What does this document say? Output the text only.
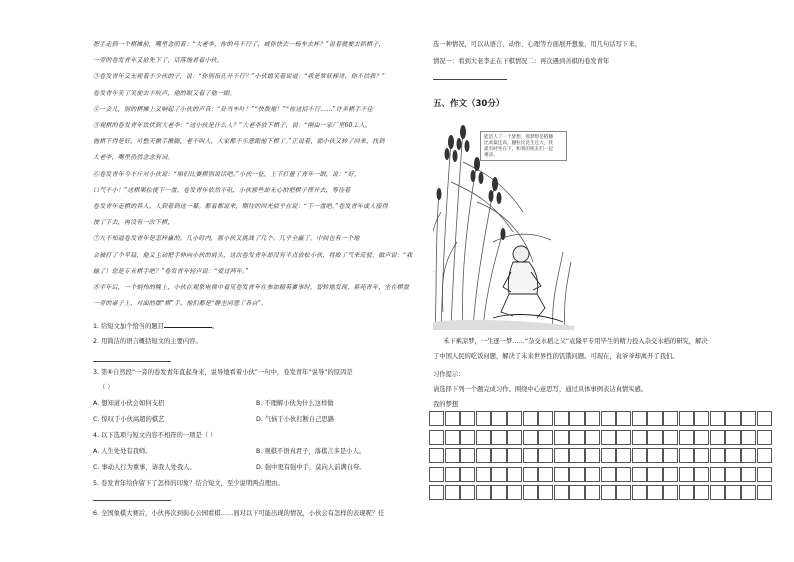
把手走到一个棋摊前，嘴里念叨着：“大老李，你的马不行了，咸你快去一杨车去杯？”说着就要去抓棋子，
一旁的卷发青年又抢先下了，话落地者看小伙。
③卷发青年又无视着不少伙的子，说：“你别指孔开不行？”小伙嬉笑着说道：“我是常妖棒哥，你不信我？”
卷发青年笑了笑便去不吭声，他的眼又看了他一眼。
④一会儿，别的棋摊上又响起了小伙的声音：“卦当车叶！”“快拨炮！”“你这招不行……”许多棋手不住
⑤观棋的卷发青年饮伏到大老李：“这小伙是什么人？”大老李放下棋子，说：“刚由一家厂里60工人，
他棋下得是好，可整天揪手揪脚，老不叫人，大家都不乐意跟他下棋了。”正说着，那小伙又转了回来，找到
大老李，嘴里仍然念念有词。
⑥卷发青年今不斤对小伙说：“咱们比赛棋别说话吧。”小伙一怔，上下打量了青年一眼，说：“好，
口气不小！”这棋果拉使下一盘。卷发青年依然不吭，小伙那些却无心拍把棋子摔开去，等待着
卷发青年走棋的其人。人到着到这一幕。都看都说来，期待的回光似乎在说：“下一盘吧。”卷发青年或人接得
按了下去，再没有一次下棋，
⑦九不知道卷发青年是怎样赢的。几小时内，那小伙又挑战了几个。几乎全赢了，中间也有一个地
会被打了个平局，他又主动把手伸向小伙的肩头，这次卷发青年却没有半点放松小伙，将败了气来反驳，做声说：“我
输了！您是专业棋手吧？”卷发青年轻声说：“爱过两年。”
⑧半年后，一个炳热的晚上，小伙在观象电视中看见卷发青年在参加精英赛事时，智转地发现，蔡苑青年，坐在棋盘
一旁的桌子上，对面的摆“棋”手，他们都是“静坐同意了各自”，
1. 给短文加个恰当的题目	。
2. 用简洁的语言概括短文的主要内容。
3. 第⑥自然段“一旁的卷发青年直起身来，说导地看着小伙”一句中，卷发青年“说导”的原因是
（ ）
A. 想知道小伙会如何支招	B. 不理解小伙为什么这样做
C. 惊叹于小伙高超的棋艺	D. 气恼于小伙打断自己思路
4. 以下选项与短文内容不相符的一项是（ ）
A. 人生处处有我师。	B. 观棋不语真君子，落棋言多是小人。
C. 事动人行为重事，请我人处我人。	D. 强中更有强中手，莫向人前满自夸。
5. 卷发青年给你留下了怎样的印象？结合短文，至少说明两点理由。
6. 全国象棋大赛后，小伙再次到街心公园看棋……面对以下可能出现的情况，小伙会有怎样的表现呢？任
选一种情况，可以从语言、动作、心理等方面展开想象，用几句话写下来。
情况一：看到大老李正在下棋情况二：再次遇到善棋的卷发青年
五、作文（30分）
能活人了一个梦想，那梦想是稻穗
比高粱还高，穗粒比花生还大，我
就有时坐在下，和我的朋友们一起
乘凉。
禾下乘凉梦，一生逐一梦……“杂交水稻之父”袁隆平专用毕生的精力投入杂交水稻的研究，解决
了中国人民的吃饭问题，解决了未来世界性的饥饿问题。可现在，袁爷爷却离开了我们。
习作提示：
请选择下列一个题完成习作。围绕中心意思写，通过具体事例表达真情实感。
我的梦想
